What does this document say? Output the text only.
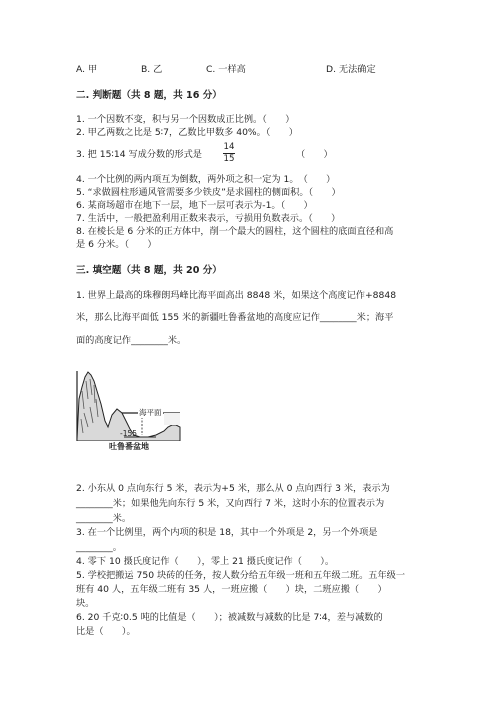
A. 甲	B. 乙	C. 一样高	D. 无法确定
二. 判断题（共 8 题，共 16 分）
1. 一个因数不变，积与另一个因数成正比例。（　　）
2. 甲乙两数之比是 5∶7，乙数比甲数多 40%。（　　）
3. 把 15∶14 写成分数的形式是
14
15	（　　）
4. 一个比例的两内项互为倒数，两外项之积一定为 1。　（　　）
5. “求做圆柱形通风管需要多少铁皮”是求圆柱的侧面积。（　　）
6. 某商场超市在地下一层，地下一层可表示为-1。（　　）
7. 生活中，一般把盈利用正数来表示，亏损用负数表示。（　　）
8. 在棱长是 6 分米的正方体中，削一个最大的圆柱，这个圆柱的底面直径和高
是 6 分米。（　　）
三. 填空题（共 8 题，共 20 分）
1. 世界上最高的珠穆朗玛峰比海平面高出 8848 米，如果这个高度记作+8848
米，那么比海平面低 155 米的新疆吐鲁番盆地的高度应记作________米；海平
面的高度记作________米。
海平面
-155
吐鲁番盆地
2. 小东从 0 点向东行 5 米，表示为+5 米，那么从 0 点向西行 3 米，表示为
________米；如果他先向东行 5 米，又向西行 7 米，这时小东的位置表示为
________米。
3. 在一个比例里，两个内项的积是 18，其中一个外项是 2，另一个外项是
________。
4. 零下 10 摄氏度记作（　　），零上 21 摄氏度记作（　　）。
5. 学校把搬运 750 块砖的任务，按人数分给五年级一班和五年级二班。五年级一
班有 40 人，五年级二班有 35 人，一班应搬（　　）块，二班应搬（　　）
块。
6. 20 千克∶0.5 吨的比值是（　　）；被减数与减数的比是 7∶4，差与减数的
比是（　　）。
